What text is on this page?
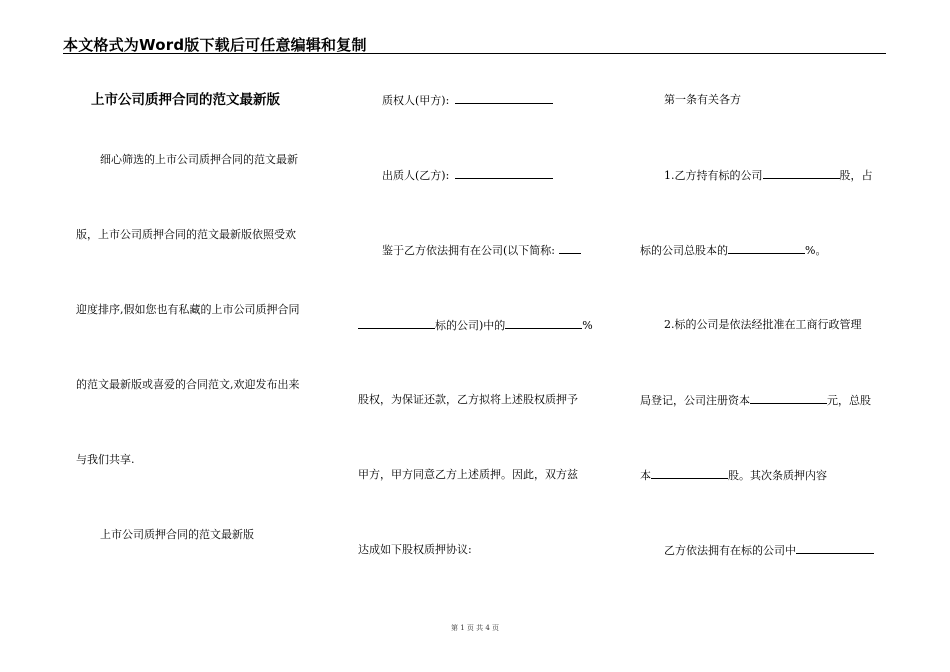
本文格式为Word版下载后可任意编辑和复制
上市公司质押合同的范文最新版
细心筛选的上市公司质押合同的范文最新
版，上市公司质押合同的范文最新版依照受欢
迎度排序,假如您也有私藏的上市公司质押合同
的范文最新版或喜爱的合同范文,欢迎发布出来
与我们共享.
上市公司质押合同的范文最新版
质权人(甲方):
出质人(乙方):
鉴于乙方依法拥有在公司(以下简称:
标的公司)中的	%
股权，为保证还款，乙方拟将上述股权质押予
甲方，甲方同意乙方上述质押。因此，双方兹
达成如下股权质押协议:
第一条有关各方
1.乙方持有标的公司	股，占
标的公司总股本的	%。
2.标的公司是依法经批准在工商行政管理
局登记，公司注册资本	元，总股
本	股。其次条质押内容
乙方依法拥有在标的公司中
第 1 页 共 4 页
